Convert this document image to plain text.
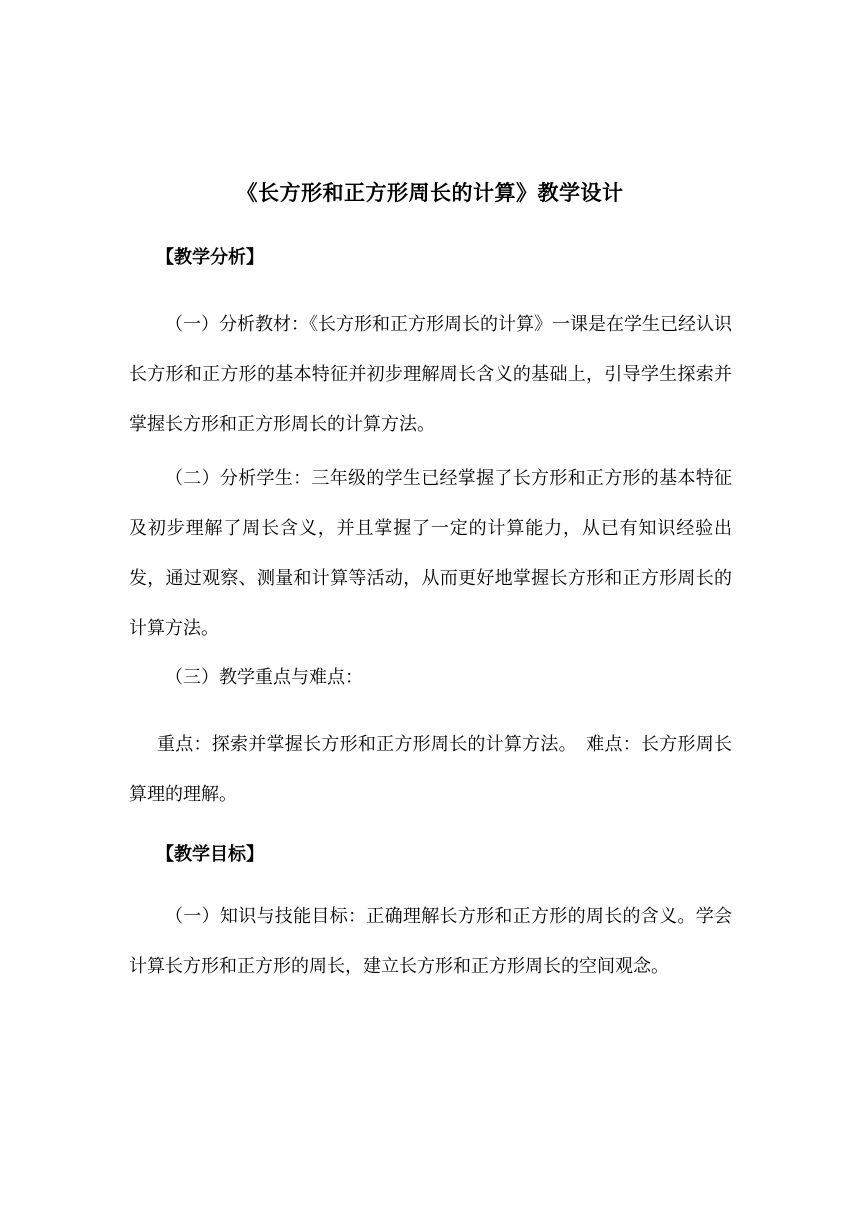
《长方形和正方形周长的计算》教学设计
【教学分析】

（一）分析教材：《长方形和正方形周长的计算》一课是在学生已经认识长方形和正方形的基本特征并初步理解周长含义的基础上，引导学生探索并掌握长方形和正方形周长的计算方法。

（二）分析学生：三年级的学生已经掌握了长方形和正方形的基本特征及初步理解了周长含义，并且掌握了一定的计算能力，从已有知识经验出发，通过观察、测量和计算等活动，从而更好地掌握长方形和正方形周长的计算方法。

（三）教学重点与难点：

重点：探索并掌握长方形和正方形周长的计算方法。　难点：长方形周长算理的理解。

【教学目标】

（一）知识与技能目标：正确理解长方形和正方形的周长的含义。学会计算长方形和正方形的周长，建立长方形和正方形周长的空间观念。
